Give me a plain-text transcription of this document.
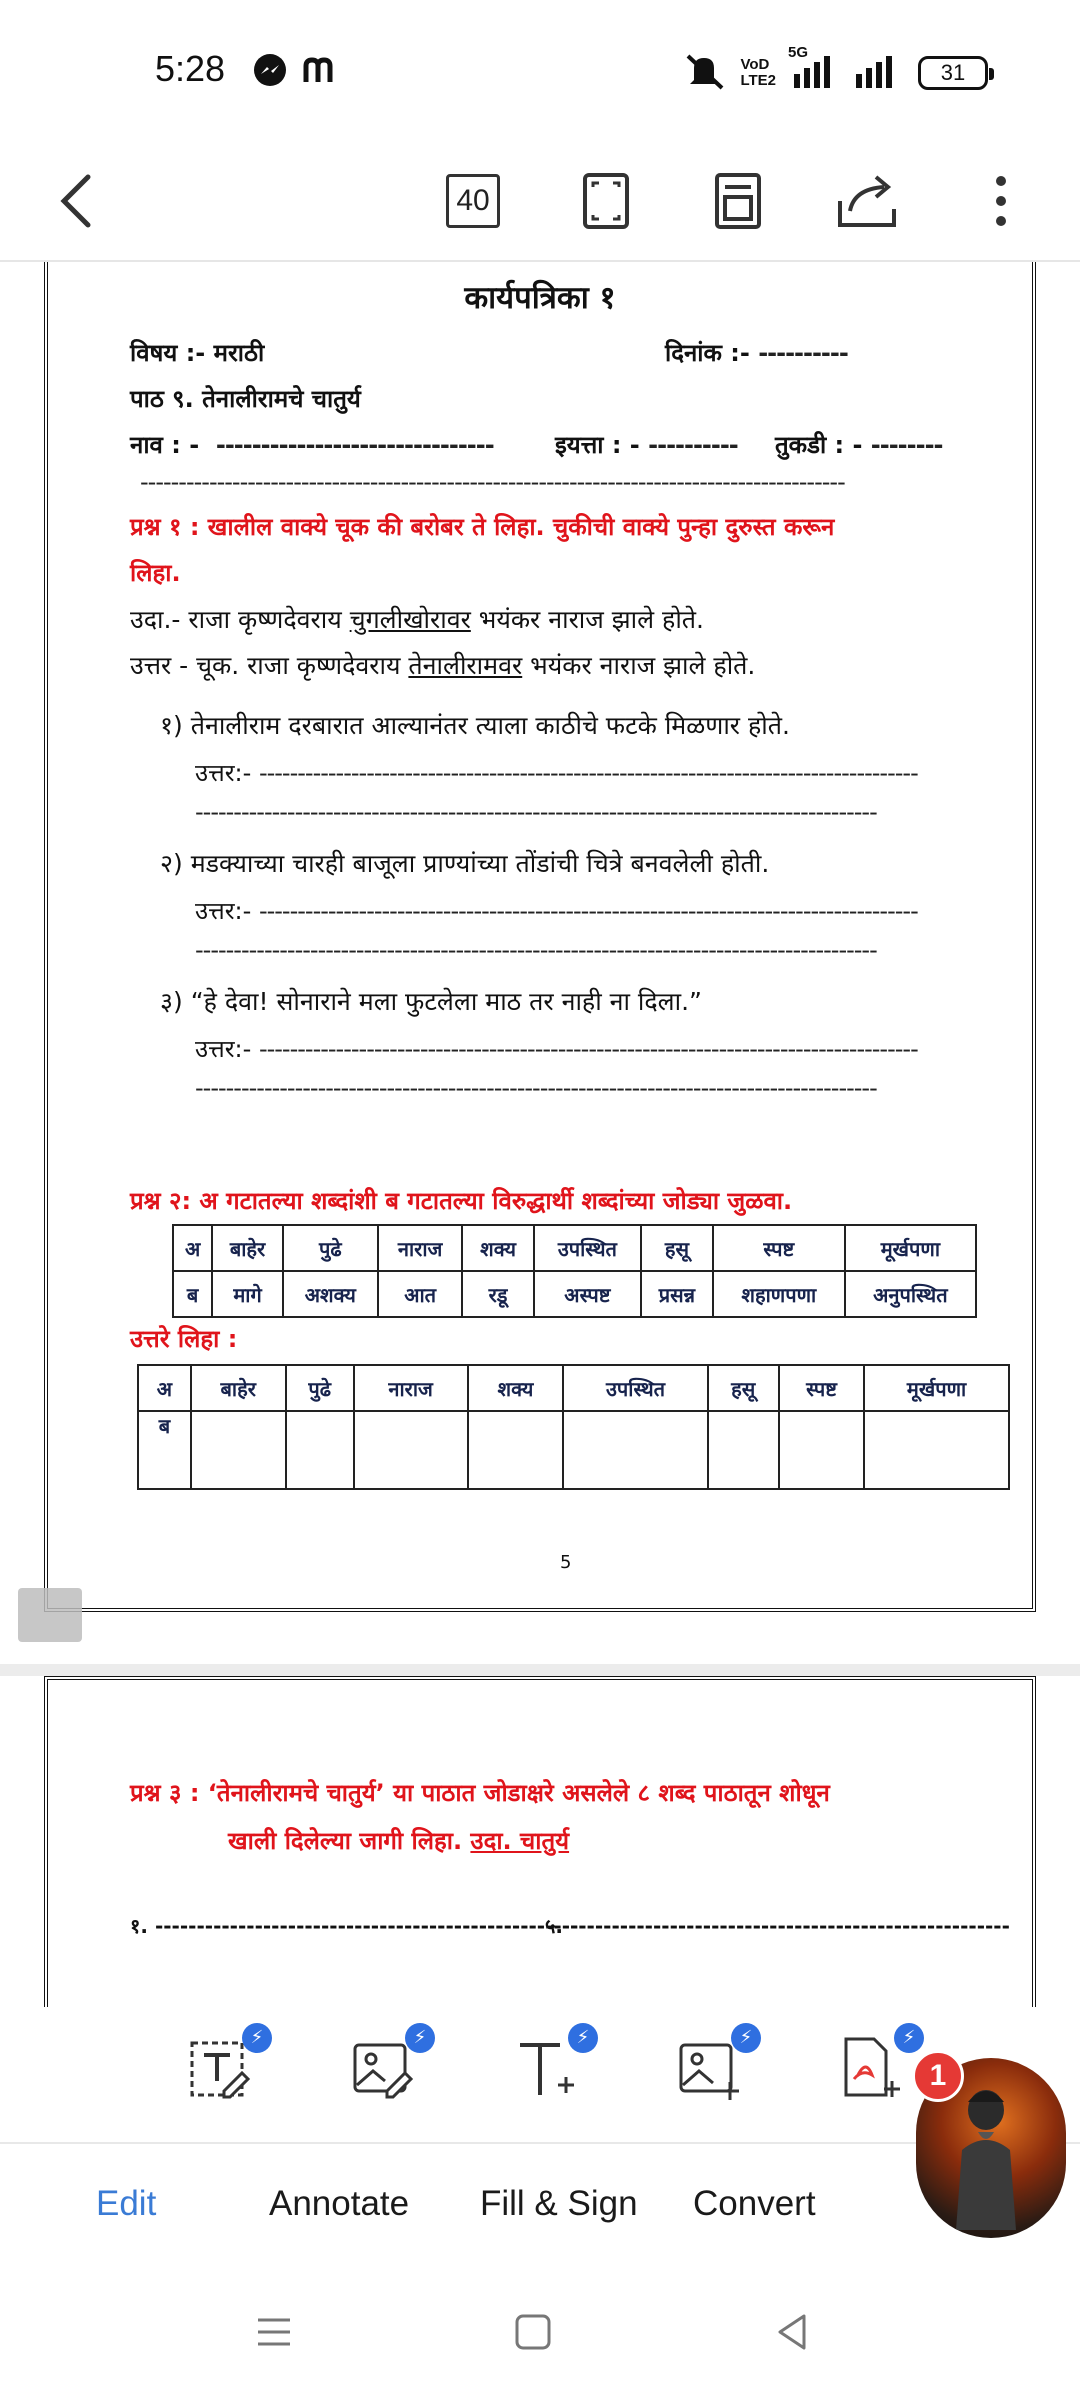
5:28	VoD
LTE2
5G
31
40
कार्यपत्रिका १
विषय :- मराठी	दिनांक :- ----------
पाठ ९. तेनालीरामचे चातुर्य
नाव : - -------------------------------	इयत्ता : - ---------- तुकडी : - --------
--------------------------------------------------------------------------------------------
प्रश्न १ : खालील वाक्ये चूक की बरोबर ते लिहा. चुकीची वाक्ये पुन्हा दुरुस्त करून
लिहा.
उदा.- राजा कृष्णदेवराय चुगलीखोरावर भयंकर नाराज झाले होते.
उत्तर - चूक. राजा कृष्णदेवराय तेनालीरामवर भयंकर नाराज झाले होते.
१) तेनालीराम दरबारात आल्यानंतर त्याला काठीचे फटके मिळणार होते.
उत्तर:- --------------------------------------------------------------------------------------
-----------------------------------------------------------------------------------------
२) मडक्याच्या चारही बाजूला प्राण्यांच्या तोंडांची चित्रे बनवलेली होती.
उत्तर:- --------------------------------------------------------------------------------------
-----------------------------------------------------------------------------------------
३) “हे देवा! सोनाराने मला फुटलेला माठ तर नाही ना दिला.”
उत्तर:- --------------------------------------------------------------------------------------
-----------------------------------------------------------------------------------------
प्रश्न २: अ गटातल्या शब्दांशी ब गटातल्या विरुद्धार्थी शब्दांच्या जोड्या जुळवा.
अ	बाहेर	पुढे	नाराज	शक्य	उपस्थित	हसू	स्पष्ट	मूर्खपणा
ब	मागे	अशक्य	आत	रडू	अस्पष्ट	प्रसन्न	शहाणपणा	अनुपस्थित
उत्तरे लिहा :
अ	बाहेर	पुढे	नाराज	शक्य	उपस्थित	हसू	स्पष्ट	मूर्खपणा
ब								
5
प्रश्न ३ : ‘तेनालीरामचे चातुर्य’ या पाठात जोडाक्षरे असलेले ८ शब्द पाठातून शोधून
खाली दिलेल्या जागी लिहा. उदा. चातुर्य
१. ---------------------------------------------------
५. -----------------------------------------------------
⚡	⚡	⚡	⚡	⚡
Edit	Annotate Fill & Sign Convert
1
